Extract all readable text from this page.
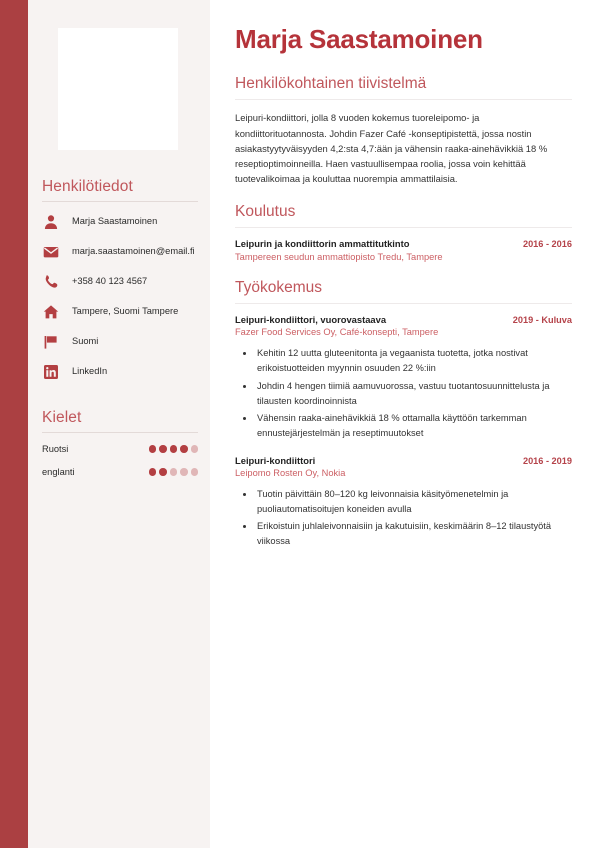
Henkilötiedot
Marja Saastamoinen
marja.saastamoinen@email.fi
+358 40 123 4567
Tampere, Suomi Tampere
Suomi
LinkedIn
Kielet
Ruotsi
englanti
Marja Saastamoinen
Henkilökohtainen tiivistelmä

Leipuri-kondiittori, jolla 8 vuoden kokemus tuoreleipomo- ja kondiittorituotannosta. Johdin Fazer Café -konseptipistettä, jossa nostin asiakastyytyväisyyden 4,2:sta 4,7:ään ja vähensin raaka-ainehävikkiä 18 % reseptioptimoinneilla. Haen vastuullisempaa roolia, jossa voin kehittää tuotevalikoimaa ja kouluttaa nuorempia ammattilaisia.

Koulutus
Leipurin ja kondiittorin ammattitutkinto	2016 - 2016
Tampereen seudun ammattiopisto Tredu, Tampere
Työkokemus
Leipuri-kondiittori, vuorovastaava	2019 - Kuluva
Fazer Food Services Oy, Café-konsepti, Tampere
• Kehitin 12 uutta gluteenitonta ja vegaanista tuotetta, jotka nostivat erikoistuotteiden myynnin osuuden 22 %:iin
• Johdin 4 hengen tiimiä aamuvuorossa, vastuu tuotantosuunnittelusta ja tilausten koordinoinnista
• Vähensin raaka-ainehävikkiä 18 % ottamalla käyttöön tarkemman ennustejärjestelmän ja reseptimuutokset
Leipuri-kondiittori	2016 - 2019
Leipomo Rosten Oy, Nokia
• Tuotin päivittäin 80–120 kg leivonnaisia käsityömenetelmin ja puoliautomatisoitujen koneiden avulla
• Erikoistuin juhlaleivonnaisiin ja kakutuisiin, keskimäärin 8–12 tilaustyötä viikossa
